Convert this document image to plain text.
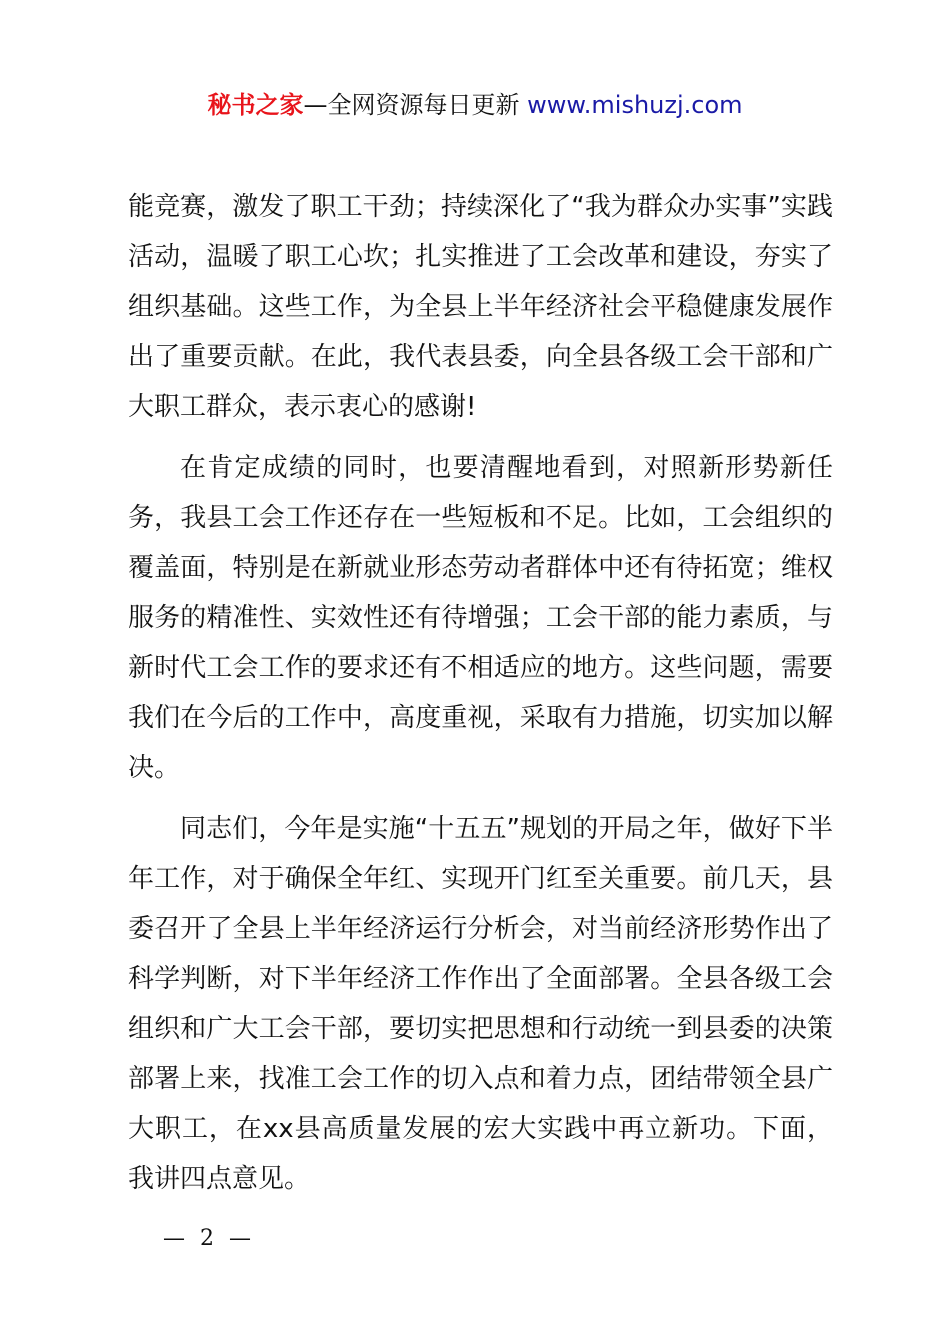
秘书之家—全网资源每日更新 www.mishuzj.com

能竞赛，激发了职工干劲；持续深化了“我为群众办实事”实践活动，温暖了职工心坎；扎实推进了工会改革和建设，夯实了组织基础。这些工作，为全县上半年经济社会平稳健康发展作出了重要贡献。在此，我代表县委，向全县各级工会干部和广大职工群众，表示衷心的感谢!

在肯定成绩的同时，也要清醒地看到，对照新形势新任务，我县工会工作还存在一些短板和不足。比如，工会组织的覆盖面，特别是在新就业形态劳动者群体中还有待拓宽；维权服务的精准性、实效性还有待增强；工会干部的能力素质，与新时代工会工作的要求还有不相适应的地方。这些问题，需要我们在今后的工作中，高度重视，采取有力措施，切实加以解决。

同志们，今年是实施“十五五”规划的开局之年，做好下半年工作，对于确保全年红、实现开门红至关重要。前几天，县委召开了全县上半年经济运行分析会，对当前经济形势作出了科学判断，对下半年经济工作作出了全面部署。全县各级工会组织和广大工会干部，要切实把思想和行动统一到县委的决策部署上来，找准工会工作的切入点和着力点，团结带领全县广大职工，在xx县高质量发展的宏大实践中再立新功。下面，我讲四点意见。

— 2 —
